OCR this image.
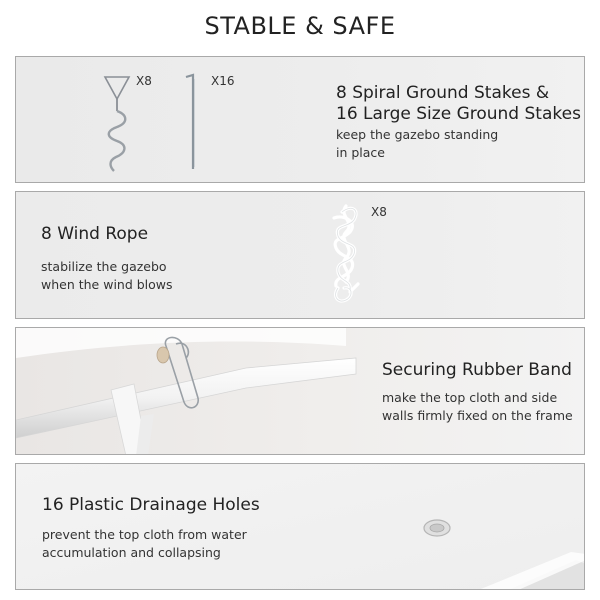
STABLE & SAFE
X8	X16
8 Spiral Ground Stakes &
16 Large Size Ground Stakes
keep the gazebo standing
in place
8 Wind Rope
stabilize the gazebo
when the wind blows
X8
Securing Rubber Band
make the top cloth and side
walls firmly fixed on the frame
16 Plastic Drainage Holes
prevent the top cloth from water
accumulation and collapsing
